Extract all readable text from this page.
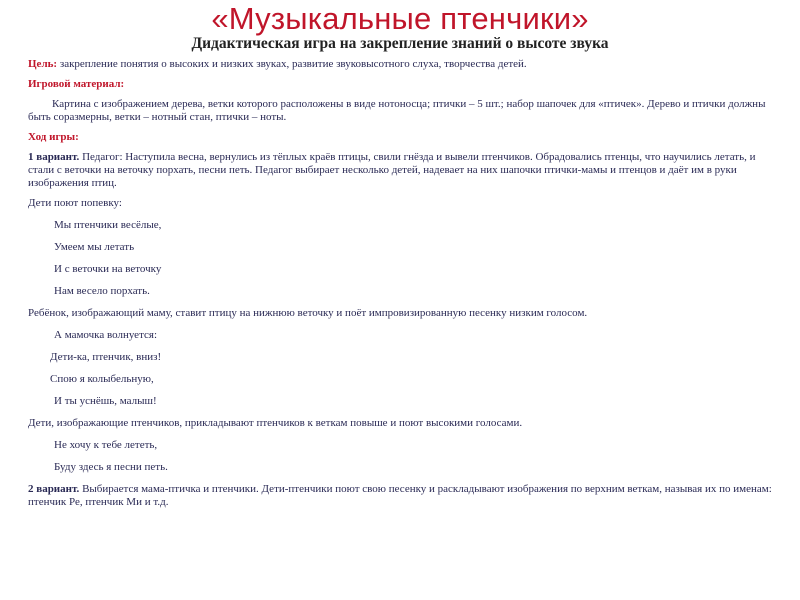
«Музыкальные птенчики»
Дидактическая игра на закрепление знаний о высоте звука

Цель: закрепление понятия о высоких и низких звуках, развитие звуковысотного слуха, творчества детей.

Игровой материал:

Картина с изображением дерева, ветки которого расположены в виде нотоносца; птички – 5 шт.; набор шапочек для «птичек». Дерево и птички должны быть соразмерны, ветки – нотный стан, птички – ноты.

Ход игры:

1 вариант. Педагог: Наступила весна, вернулись из тёплых краёв птицы, свили гнёзда и вывели птенчиков. Обрадовались птенцы, что научились летать, и стали с веточки на веточку порхать, песни петь. Педагог выбирает несколько детей, надевает на них шапочки птички-мамы и птенцов и даёт им в руки изображения птиц.

Дети поют попевку:

Мы птенчики весёлые,

Умеем мы летать

И с веточки на веточку

Нам весело порхать.

Ребёнок, изображающий маму, ставит птицу на нижнюю веточку и поёт импровизированную песенку низким голосом.

А мамочка волнуется:

Дети-ка, птенчик, вниз!

Спою я колыбельную,

И ты уснёшь, малыш!

Дети, изображающие птенчиков, прикладывают птенчиков к веткам повыше и поют высокими голосами.

Не хочу к тебе лететь,

Буду здесь я песни петь.

2 вариант. Выбирается мама-птичка и птенчики. Дети-птенчики поют свою песенку и раскладывают изображения по верхним веткам, называя их по именам: птенчик Ре, птенчик Ми и т.д.
